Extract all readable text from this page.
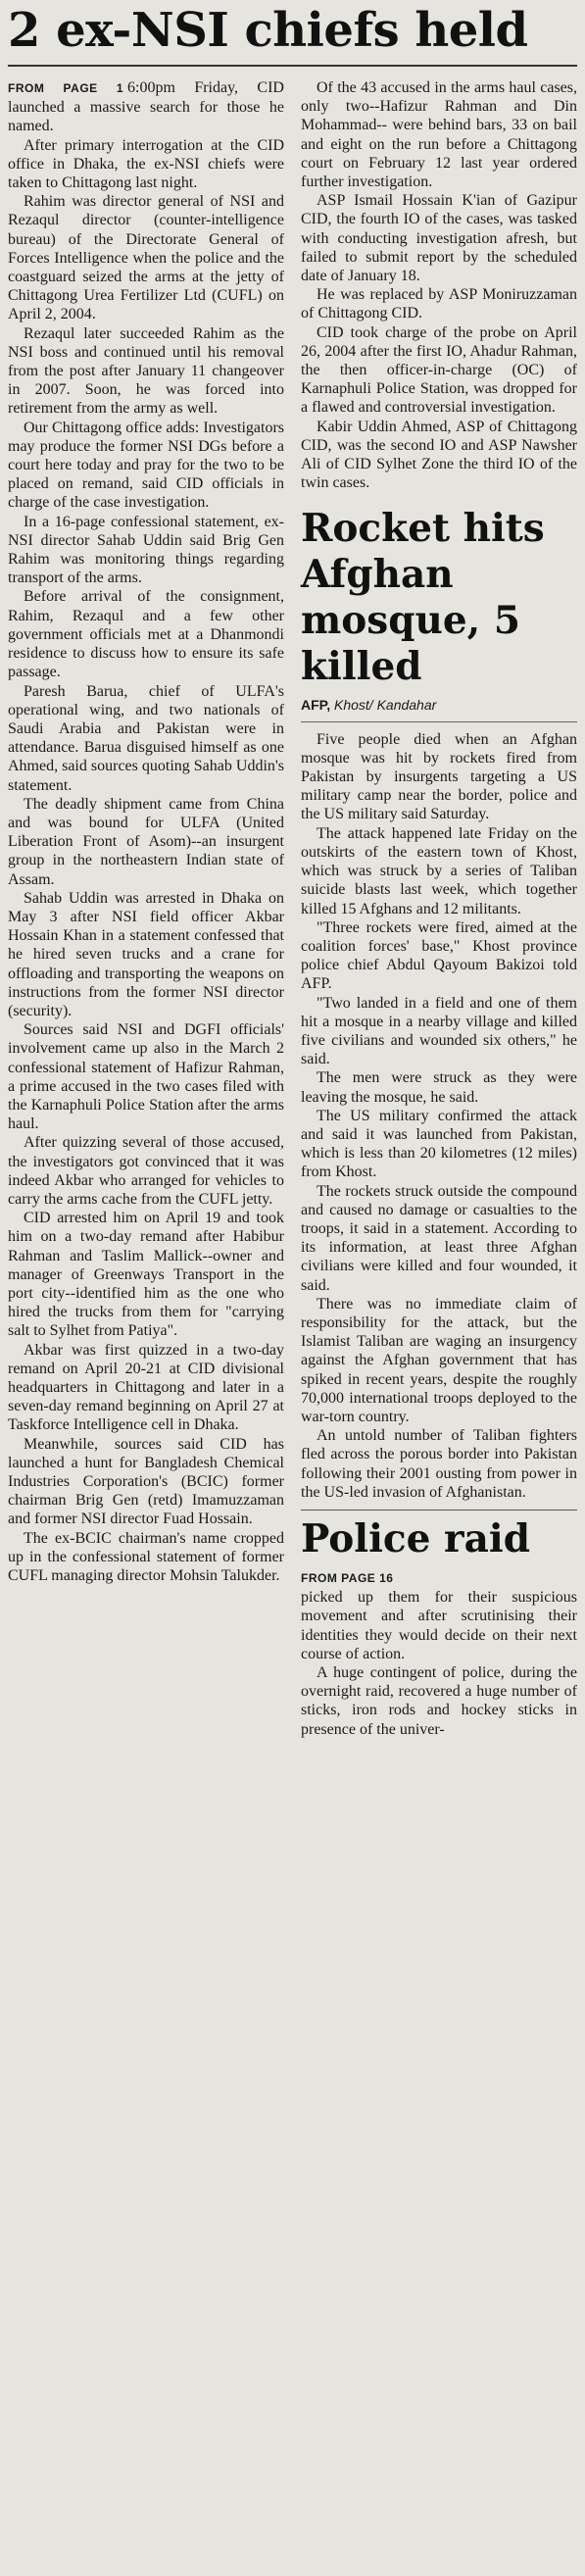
2 ex-NSI chiefs held

FROM PAGE 1 6:00pm Friday, CID launched a massive search for those he named.

After primary interrogation at the CID office in Dhaka, the ex-NSI chiefs were taken to Chittagong last night.

Rahim was director general of NSI and Rezaqul director (counter-intelligence bureau) of the Directorate General of Forces Intelligence when the police and the coastguard seized the arms at the jetty of Chittagong Urea Fertilizer Ltd (CUFL) on April 2, 2004.

Rezaqul later succeeded Rahim as the NSI boss and continued until his removal from the post after January 11 changeover in 2007. Soon, he was forced into retirement from the army as well.

Our Chittagong office adds: Investigators may produce the former NSI DGs before a court here today and pray for the two to be placed on remand, said CID officials in charge of the case investigation.

In a 16-page confessional statement, ex-NSI director Sahab Uddin said Brig Gen Rahim was monitoring things regarding transport of the arms.

Before arrival of the consignment, Rahim, Rezaqul and a few other government officials met at a Dhanmondi residence to discuss how to ensure its safe passage.

Paresh Barua, chief of ULFA's operational wing, and two nationals of Saudi Arabia and Pakistan were in attendance. Barua disguised himself as one Ahmed, said sources quoting Sahab Uddin's statement.

The deadly shipment came from China and was bound for ULFA (United Liberation Front of Asom)--an insurgent group in the northeastern Indian state of Assam.

Sahab Uddin was arrested in Dhaka on May 3 after NSI field officer Akbar Hossain Khan in a statement confessed that he hired seven trucks and a crane for offloading and transporting the weapons on instructions from the former NSI director (security).

Sources said NSI and DGFI officials' involvement came up also in the March 2 confessional statement of Hafizur Rahman, a prime accused in the two cases filed with the Karnaphuli Police Station after the arms haul.

After quizzing several of those accused, the investigators got convinced that it was indeed Akbar who arranged for vehicles to carry the arms cache from the CUFL jetty.

CID arrested him on April 19 and took him on a two-day remand after Habibur Rahman and Taslim Mallick--owner and manager of Greenways Transport in the port city--identified him as the one who hired the trucks from them for "carrying salt to Sylhet from Patiya".

Akbar was first quizzed in a two-day remand on April 20-21 at CID divisional headquarters in Chittagong and later in a seven-day remand beginning on April 27 at Taskforce Intelligence cell in Dhaka.

Meanwhile, sources said CID has launched a hunt for Bangladesh Chemical Industries Corporation's (BCIC) former chairman Brig Gen (retd) Imamuzzaman and former NSI director Fuad Hossain.

The ex-BCIC chairman's name cropped up in the confessional statement of former CUFL managing director Mohsin Talukder.

Of the 43 accused in the arms haul cases, only two--Hafizur Rahman and Din Mohammad-- were behind bars, 33 on bail and eight on the run before a Chittagong court on February 12 last year ordered further investigation.

ASP Ismail Hossain K'ian of Gazipur CID, the fourth IO of the cases, was tasked with conducting investigation afresh, but failed to submit report by the scheduled date of January 18.

He was replaced by ASP Moniruzzaman of Chittagong CID.

CID took charge of the probe on April 26, 2004 after the first IO, Ahadur Rahman, the then officer-in-charge (OC) of Karnaphuli Police Station, was dropped for a flawed and controversial investigation.

Kabir Uddin Ahmed, ASP of Chittagong CID, was the second IO and ASP Nawsher Ali of CID Sylhet Zone the third IO of the twin cases.

Rocket hits Afghan mosque, 5 killed
AFP, Khost/ Kandahar

Five people died when an Afghan mosque was hit by rockets fired from Pakistan by insurgents targeting a US military camp near the border, police and the US military said Saturday.

The attack happened late Friday on the outskirts of the eastern town of Khost, which was struck by a series of Taliban suicide blasts last week, which together killed 15 Afghans and 12 militants.

"Three rockets were fired, aimed at the coalition forces' base," Khost province police chief Abdul Qayoum Bakizoi told AFP.

"Two landed in a field and one of them hit a mosque in a nearby village and killed five civilians and wounded six others," he said.

The men were struck as they were leaving the mosque, he said.

The US military confirmed the attack and said it was launched from Pakistan, which is less than 20 kilometres (12 miles) from Khost.

The rockets struck outside the compound and caused no damage or casualties to the troops, it said in a statement. According to its information, at least three Afghan civilians were killed and four wounded, it said.

There was no immediate claim of responsibility for the attack, but the Islamist Taliban are waging an insurgency against the Afghan government that has spiked in recent years, despite the roughly 70,000 international troops deployed to the war-torn country.

An untold number of Taliban fighters fled across the porous border into Pakistan following their 2001 ousting from power in the US-led invasion of Afghanistan.

Police raid

FROM PAGE 16
picked up them for their suspicious movement and after scrutinising their identities they would decide on their next course of action.

A huge contingent of police, during the overnight raid, recovered a huge number of sticks, iron rods and hockey sticks in presence of the univer-
